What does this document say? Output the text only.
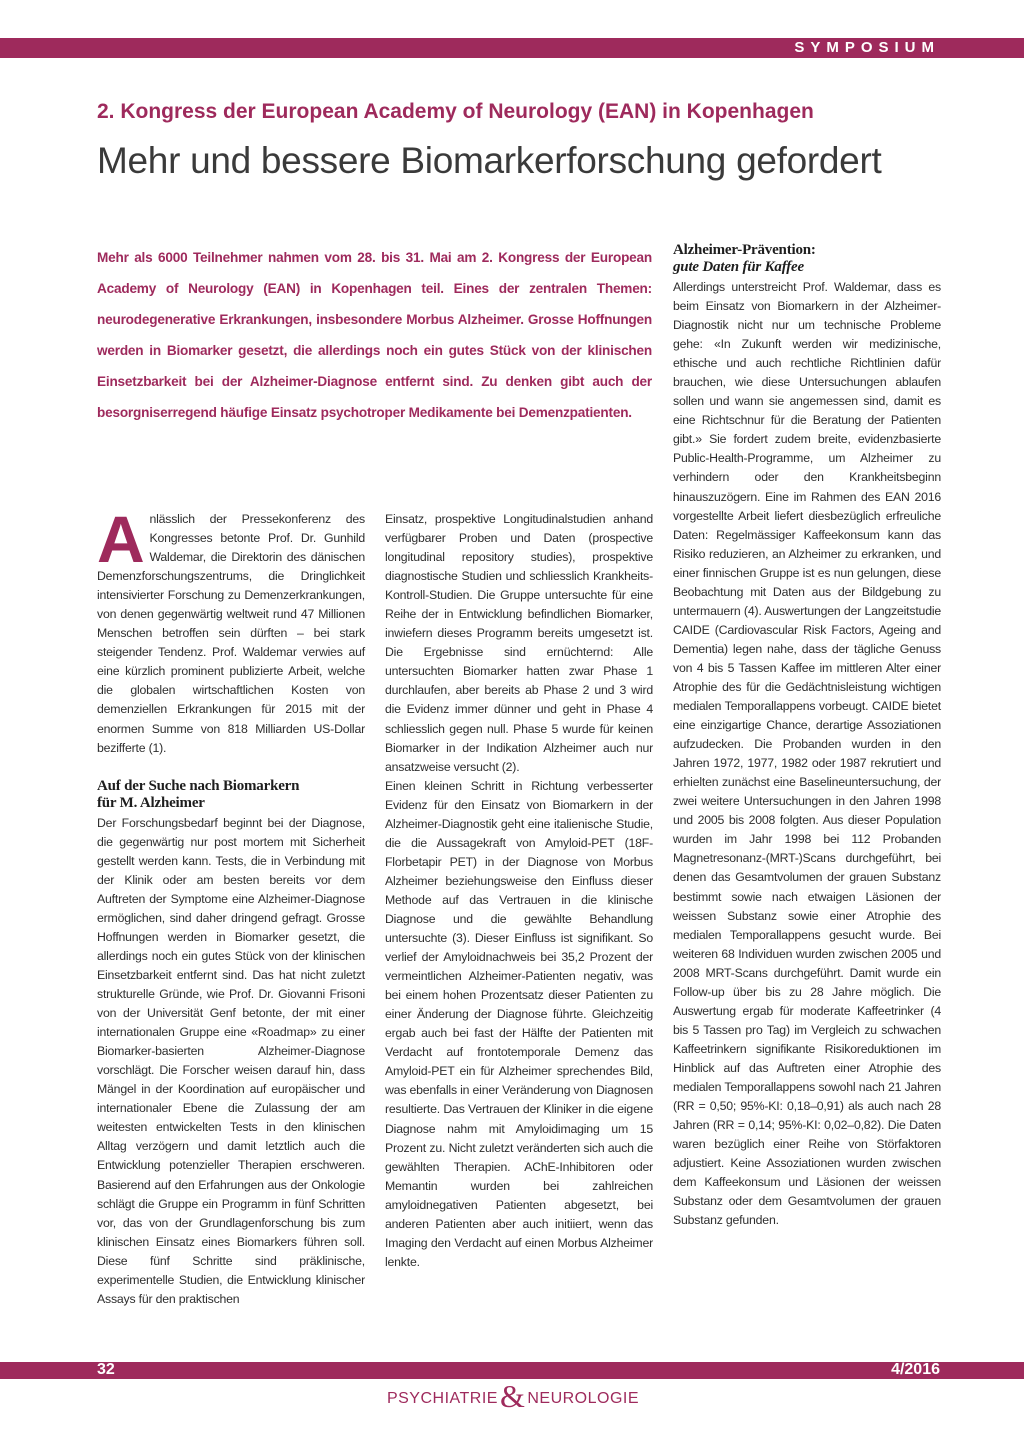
SYMPOSIUM
2. Kongress der European Academy of Neurology (EAN) in Kopenhagen
Mehr und bessere Biomarkerforschung gefordert
Mehr als 6000 Teilnehmer nahmen vom 28. bis 31. Mai am 2. Kongress der European Academy of Neurology (EAN) in Kopenhagen teil. Eines der zentralen Themen: neurodegenerative Erkrankungen, insbesondere Morbus Alzheimer. Grosse Hoffnungen werden in Biomarker gesetzt, die allerdings noch ein gutes Stück von der klinischen Einsetzbarkeit bei der Alzheimer-Diagnose entfernt sind. Zu denken gibt auch der besorgniserregend häufige Einsatz psychotroper Medikamente bei Demenzpatienten.

Anlässlich der Pressekonferenz des Kongresses betonte Prof. Dr. Gunhild Waldemar, die Direktorin des dänischen Demenzforschungszentrums, die Dringlichkeit intensivierter Forschung zu Demenzerkrankungen, von denen gegenwärtig weltweit rund 47 Millionen Menschen betroffen sein dürften – bei stark steigender Tendenz. Prof. Waldemar verwies auf eine kürzlich prominent publizierte Arbeit, welche die globalen wirtschaftlichen Kosten von demenziellen Erkrankungen für 2015 mit der enormen Summe von 818 Milliarden US-Dollar bezifferte (1).

Auf der Suche nach Biomarkern
für M. Alzheimer

Der Forschungsbedarf beginnt bei der Diagnose, die gegenwärtig nur post mortem mit Sicherheit gestellt werden kann. Tests, die in Verbindung mit der Klinik oder am besten bereits vor dem Auftreten der Symptome eine Alzheimer-Diagnose ermöglichen, sind daher dringend gefragt. Grosse Hoffnungen werden in Biomarker gesetzt, die allerdings noch ein gutes Stück von der klinischen Einsetzbarkeit entfernt sind. Das hat nicht zuletzt strukturelle Gründe, wie Prof. Dr. Giovanni Frisoni von der Universität Genf betonte, der mit einer internationalen Gruppe eine «Roadmap» zu einer Biomarker-basierten Alzheimer-Diagnose vorschlägt. Die Forscher weisen darauf hin, dass Mängel in der Koordination auf europäischer und internationaler Ebene die Zulassung der am weitesten entwickelten Tests in den klinischen Alltag verzögern und damit letztlich auch die Entwicklung potenzieller Therapien erschweren. Basierend auf den Erfahrungen aus der Onkologie schlägt die Gruppe ein Programm in fünf Schritten vor, das von der Grundlagenforschung bis zum klinischen Einsatz eines Biomarkers führen soll. Diese fünf Schritte sind präklinische, experimentelle Studien, die Entwicklung klinischer Assays für den praktischen

Einsatz, prospektive Longitudinalstudien anhand verfügbarer Proben und Daten (prospective longitudinal repository studies), prospektive diagnostische Studien und schliesslich Krankheits-Kontroll-Studien. Die Gruppe untersuchte für eine Reihe der in Entwicklung befindlichen Biomarker, inwiefern dieses Programm bereits umgesetzt ist. Die Ergebnisse sind ernüchternd: Alle untersuchten Biomarker hatten zwar Phase 1 durchlaufen, aber bereits ab Phase 2 und 3 wird die Evidenz immer dünner und geht in Phase 4 schliesslich gegen null. Phase 5 wurde für keinen Biomarker in der Indikation Alzheimer auch nur ansatzweise versucht (2).

Einen kleinen Schritt in Richtung verbesserter Evidenz für den Einsatz von Biomarkern in der Alzheimer-Diagnostik geht eine italienische Studie, die die Aussagekraft von Amyloid-PET (18F-Florbetapir PET) in der Diagnose von Morbus Alzheimer beziehungsweise den Einfluss dieser Methode auf das Vertrauen in die klinische Diagnose und die gewählte Behandlung untersuchte (3). Dieser Einfluss ist signifikant. So verlief der Amyloidnachweis bei 35,2 Prozent der vermeintlichen Alzheimer-Patienten negativ, was bei einem hohen Prozentsatz dieser Patienten zu einer Änderung der Diagnose führte. Gleichzeitig ergab auch bei fast der Hälfte der Patienten mit Verdacht auf frontotemporale Demenz das Amyloid-PET ein für Alzheimer sprechendes Bild, was ebenfalls in einer Veränderung von Diagnosen resultierte. Das Vertrauen der Kliniker in die eigene Diagnose nahm mit Amyloidimaging um 15 Prozent zu. Nicht zuletzt veränderten sich auch die gewählten Therapien. AChE-Inhibitoren oder Memantin wurden bei zahlreichen amyloidnegativen Patienten abgesetzt, bei anderen Patienten aber auch initiiert, wenn das Imaging den Verdacht auf einen Morbus Alzheimer lenkte.

Alzheimer-Prävention:
gute Daten für Kaffee

Allerdings unterstreicht Prof. Waldemar, dass es beim Einsatz von Biomarkern in der Alzheimer-Diagnostik nicht nur um technische Probleme gehe: «In Zukunft werden wir medizinische, ethische und auch rechtliche Richtlinien dafür brauchen, wie diese Untersuchungen ablaufen sollen und wann sie angemessen sind, damit es eine Richtschnur für die Beratung der Patienten gibt.» Sie fordert zudem breite, evidenzbasierte Public-Health-Programme, um Alzheimer zu verhindern oder den Krankheitsbeginn hinauszuzögern. Eine im Rahmen des EAN 2016 vorgestellte Arbeit liefert diesbezüglich erfreuliche Daten: Regelmässiger Kaffeekonsum kann das Risiko reduzieren, an Alzheimer zu erkranken, und einer finnischen Gruppe ist es nun gelungen, diese Beobachtung mit Daten aus der Bildgebung zu untermauern (4). Auswertungen der Langzeitstudie CAIDE (Cardiovascular Risk Factors, Ageing and Dementia) legen nahe, dass der tägliche Genuss von 4 bis 5 Tassen Kaffee im mittleren Alter einer Atrophie des für die Gedächtnisleistung wichtigen medialen Temporallappens vorbeugt. CAIDE bietet eine einzigartige Chance, derartige Assoziationen aufzudecken. Die Probanden wurden in den Jahren 1972, 1977, 1982 oder 1987 rekrutiert und erhielten zunächst eine Baselineuntersuchung, der zwei weitere Untersuchungen in den Jahren 1998 und 2005 bis 2008 folgten. Aus dieser Population wurden im Jahr 1998 bei 112 Probanden Magnetresonanz-(MRT-)Scans durchgeführt, bei denen das Gesamtvolumen der grauen Substanz bestimmt sowie nach etwaigen Läsionen der weissen Substanz sowie einer Atrophie des medialen Temporallappens gesucht wurde. Bei weiteren 68 Individuen wurden zwischen 2005 und 2008 MRT-Scans durchgeführt. Damit wurde ein Follow-up über bis zu 28 Jahre möglich. Die Auswertung ergab für moderate Kaffeetrinker (4 bis 5 Tassen pro Tag) im Vergleich zu schwachen Kaffeetrinkern signifikante Risikoreduktionen im Hinblick auf das Auftreten einer Atrophie des medialen Temporallappens sowohl nach 21 Jahren (RR = 0,50; 95%-KI: 0,18–0,91) als auch nach 28 Jahren (RR = 0,14; 95%-KI: 0,02–0,82). Die Daten waren bezüglich einer Reihe von Störfaktoren adjustiert. Keine Assoziationen wurden zwischen dem Kaffeekonsum und Läsionen der weissen Substanz oder dem Gesamtvolumen der grauen Substanz gefunden.

32	4/2016
PSYCHIATRIE& NEUROLOGIE
